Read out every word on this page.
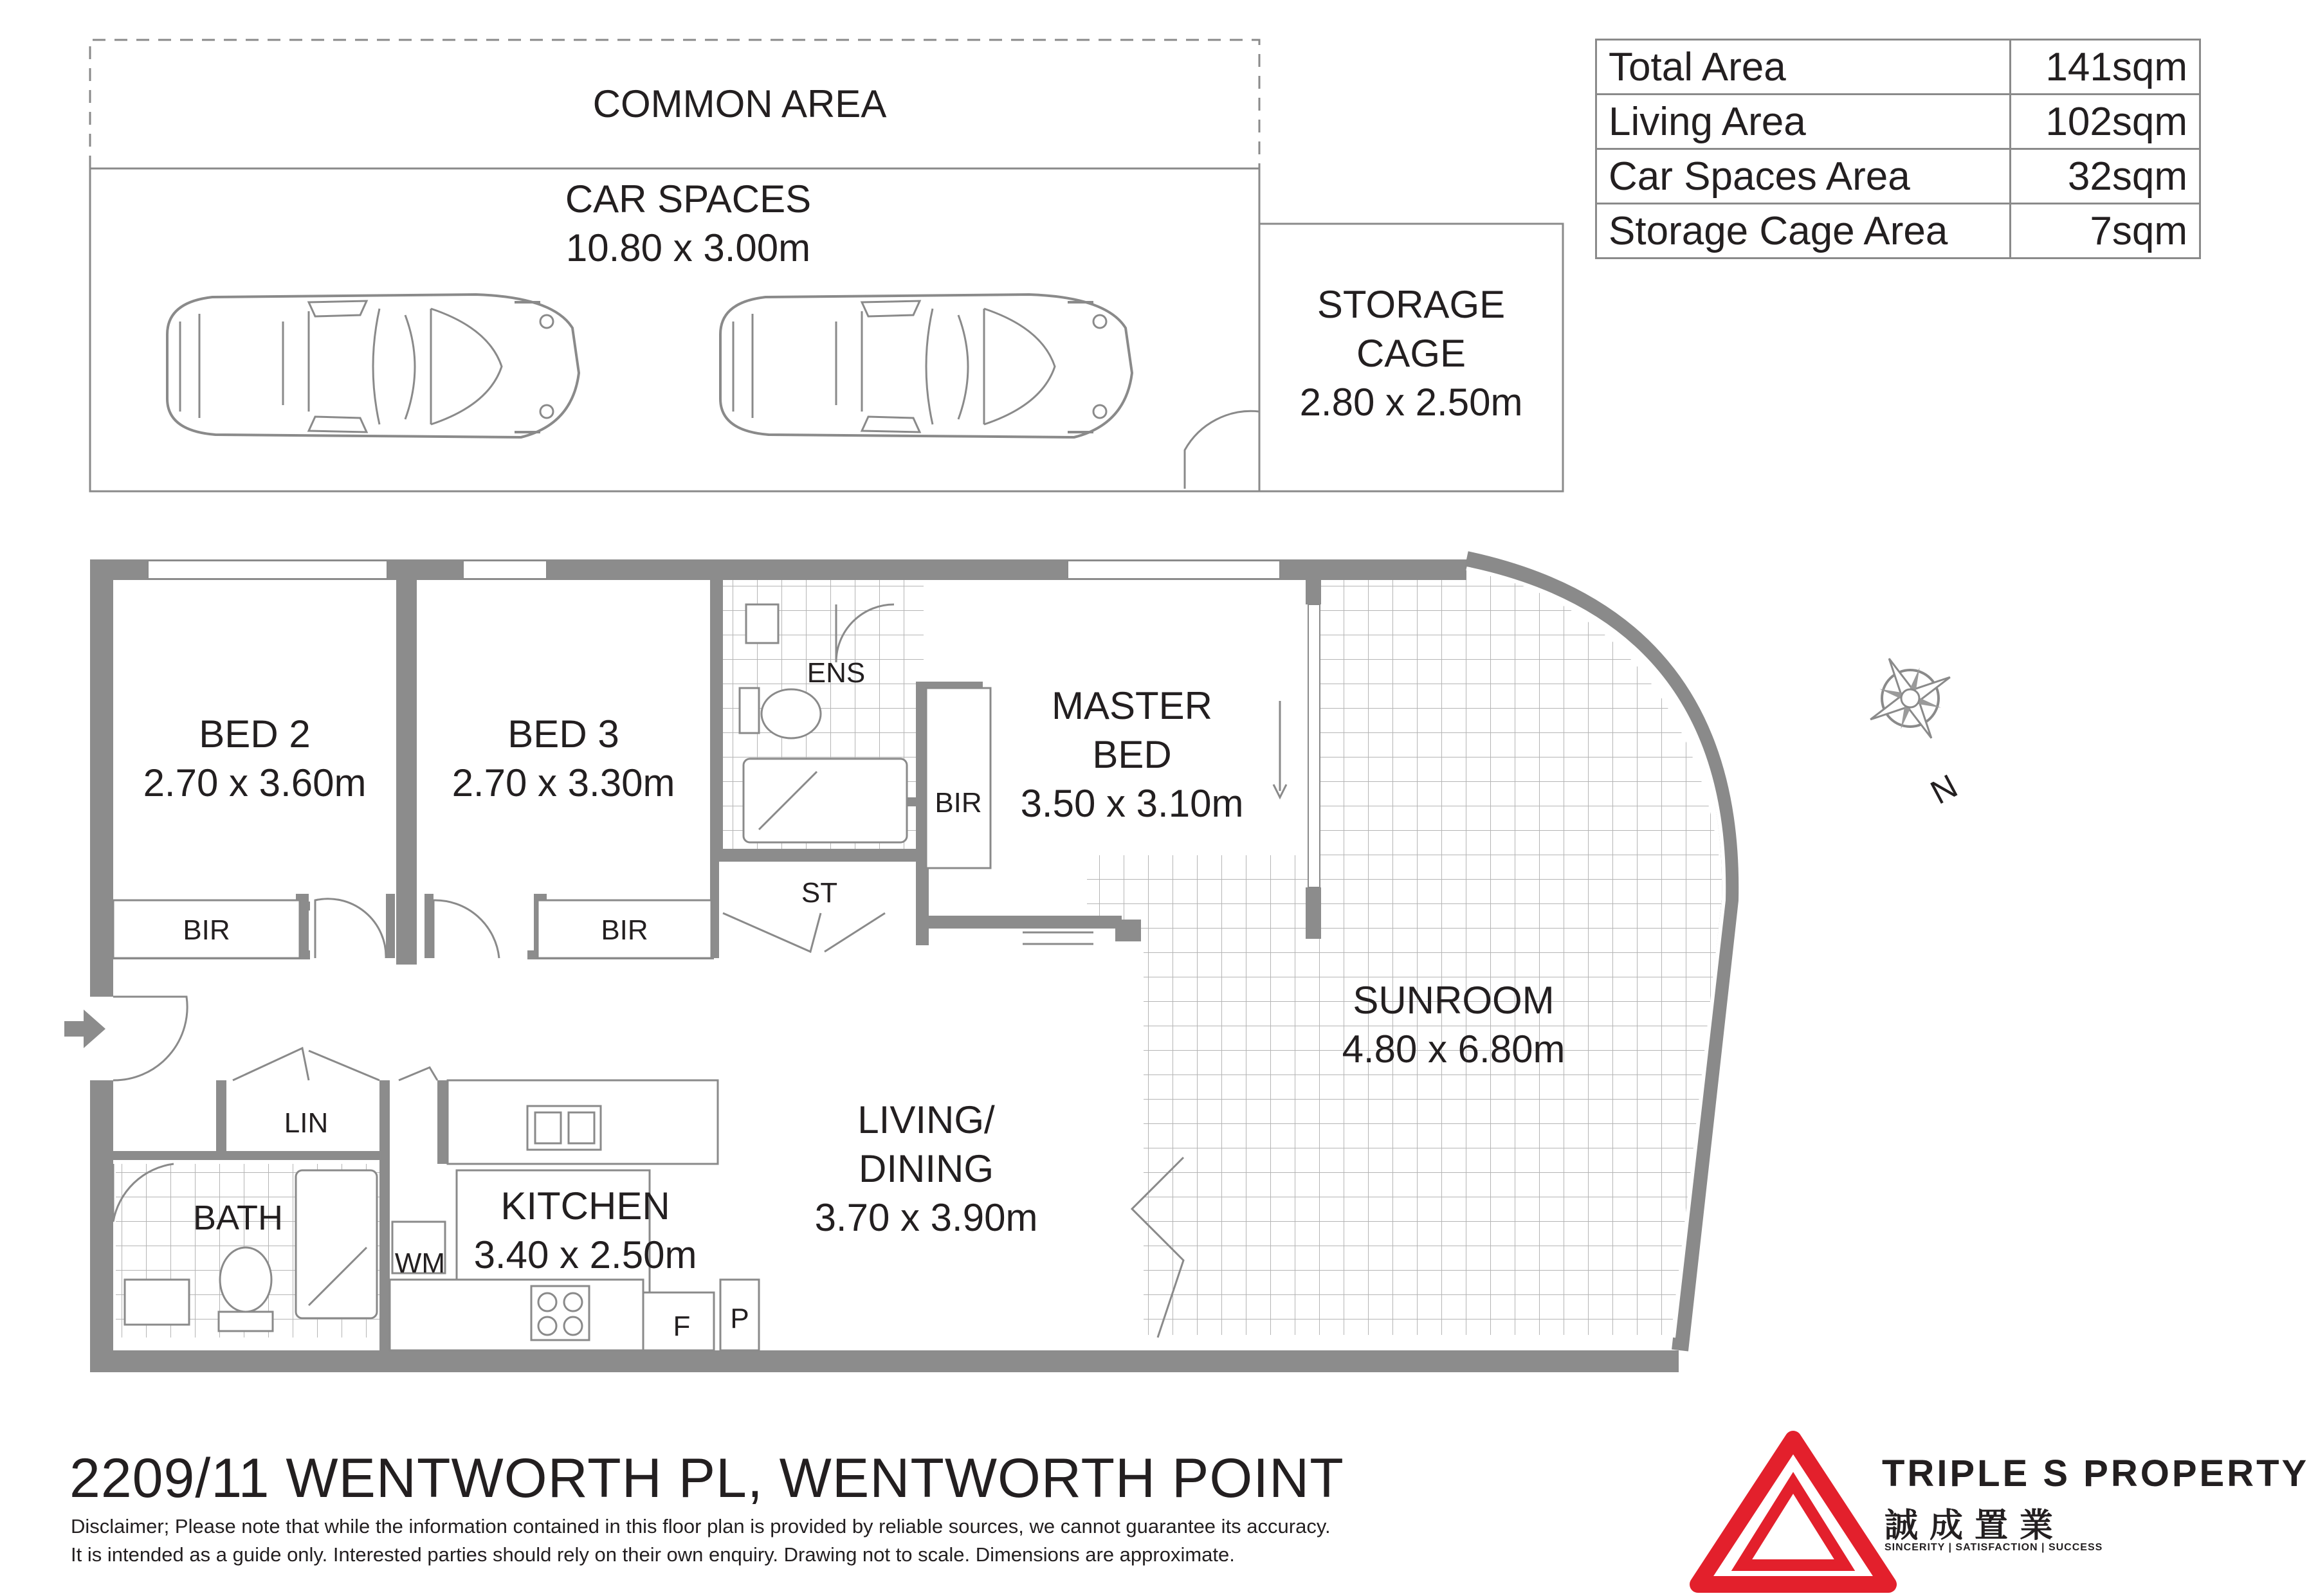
Total Area	141sqm
Living Area	102sqm
Car Spaces Area	32sqm
Storage Cage Area	7sqm
COMMON AREA
CAR SPACES
10.80 x 3.00m
STORAGE
CAGE
2.80 x 2.50m
BED 2
2.70 x 3.60m
BED 3
2.70 x 3.30m
BIR	BIR
BIR
ENS
ST
MASTER
BED
3.50 x 3.10m
SUNROOM
4.80 x 6.80m
LIN
BATH
WM
KITCHEN
3.40 x 2.50m
LIVING/
DINING
3.70 x 3.90m
F	P
N
2209/11 WENTWORTH PL, WENTWORTH POINT
Disclaimer; Please note that while the information contained in this floor plan is provided by reliable sources, we cannot guarantee its accuracy.
It is intended as a guide only. Interested parties should rely on their own enquiry. Drawing not to scale. Dimensions are approximate.
TRIPLE S PROPERTY
誠成置業
SINCERITY | SATISFACTION | SUCCESS
